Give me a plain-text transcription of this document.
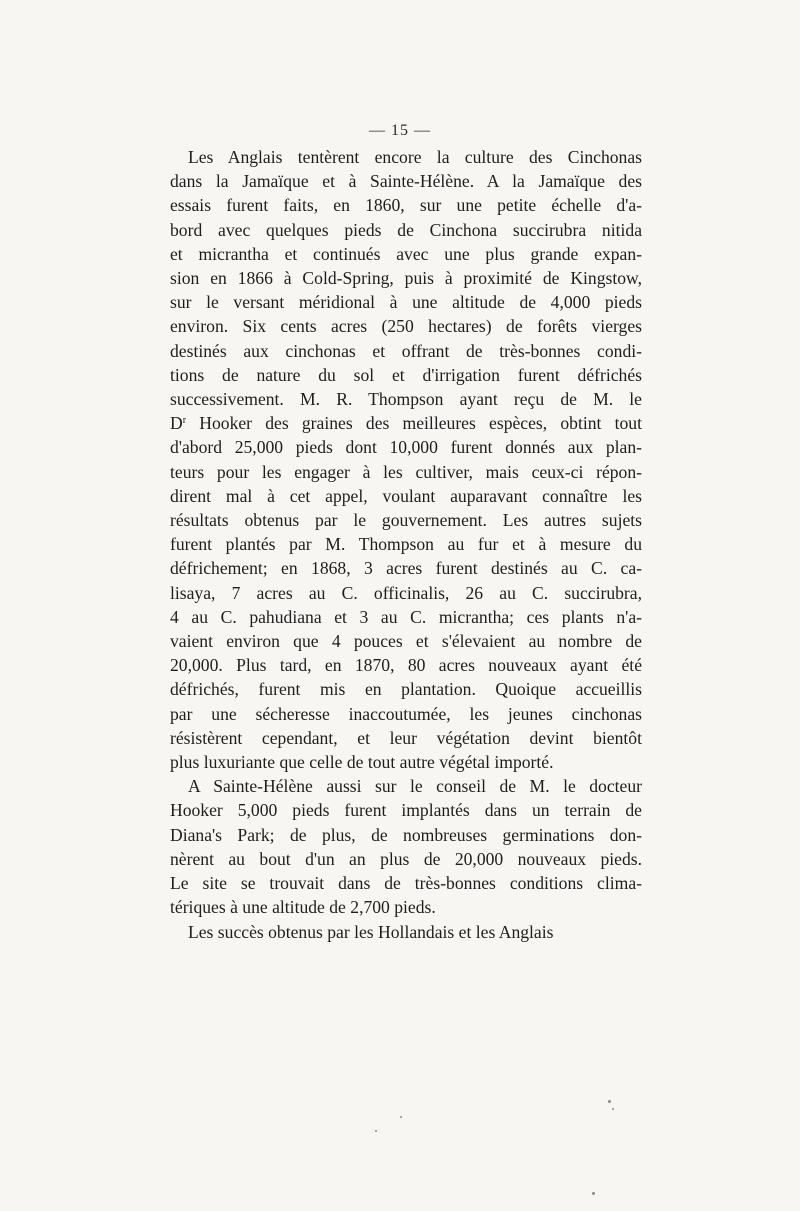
— 15 —

Les Anglais tentèrent encore la culture des Cinchonas
dans la Jamaïque et à Sainte-Hélène. A la Jamaïque des
essais furent faits, en 1860, sur une petite échelle d'a-
bord avec quelques pieds de Cinchona succirubra nitida
et micrantha et continués avec une plus grande expan-
sion en 1866 à Cold-Spring, puis à proximité de Kingstow,
sur le versant méridional à une altitude de 4,000 pieds
environ. Six cents acres (250 hectares) de forêts vierges
destinés aux cinchonas et offrant de très-bonnes condi-
tions de nature du sol et d'irrigation furent défrichés
successivement. M. R. Thompson ayant reçu de M. le
$D^r$ Hooker des graines des meilleures espèces, obtint tout
d'abord 25,000 pieds dont 10,000 furent donnés aux plan-
teurs pour les engager à les cultiver, mais ceux-ci répon-
dirent mal à cet appel, voulant auparavant connaître les
résultats obtenus par le gouvernement. Les autres sujets
furent plantés par M. Thompson au fur et à mesure du
défrichement; en 1868, 3 acres furent destinés au C. ca-
lisaya, 7 acres au C. officinalis, 26 au C. succirubra,
4 au C. pahudiana et 3 au C. micrantha; ces plants n'a-
vaient environ que 4 pouces et s'élevaient au nombre de
20,000. Plus tard, en 1870, 80 acres nouveaux ayant été
défrichés, furent mis en plantation. Quoique accueillis
par une sécheresse inaccoutumée, les jeunes cinchonas
résistèrent cependant, et leur végétation devint bientôt
plus luxuriante que celle de tout autre végétal importé.

A Sainte-Hélène aussi sur le conseil de M. le docteur
Hooker 5,000 pieds furent implantés dans un terrain de
Diana's Park; de plus, de nombreuses germinations don-
nèrent au bout d'un an plus de 20,000 nouveaux pieds.
Le site se trouvait dans de très-bonnes conditions clima-
tériques à une altitude de 2,700 pieds.

Les succès obtenus par les Hollandais et les Anglais
